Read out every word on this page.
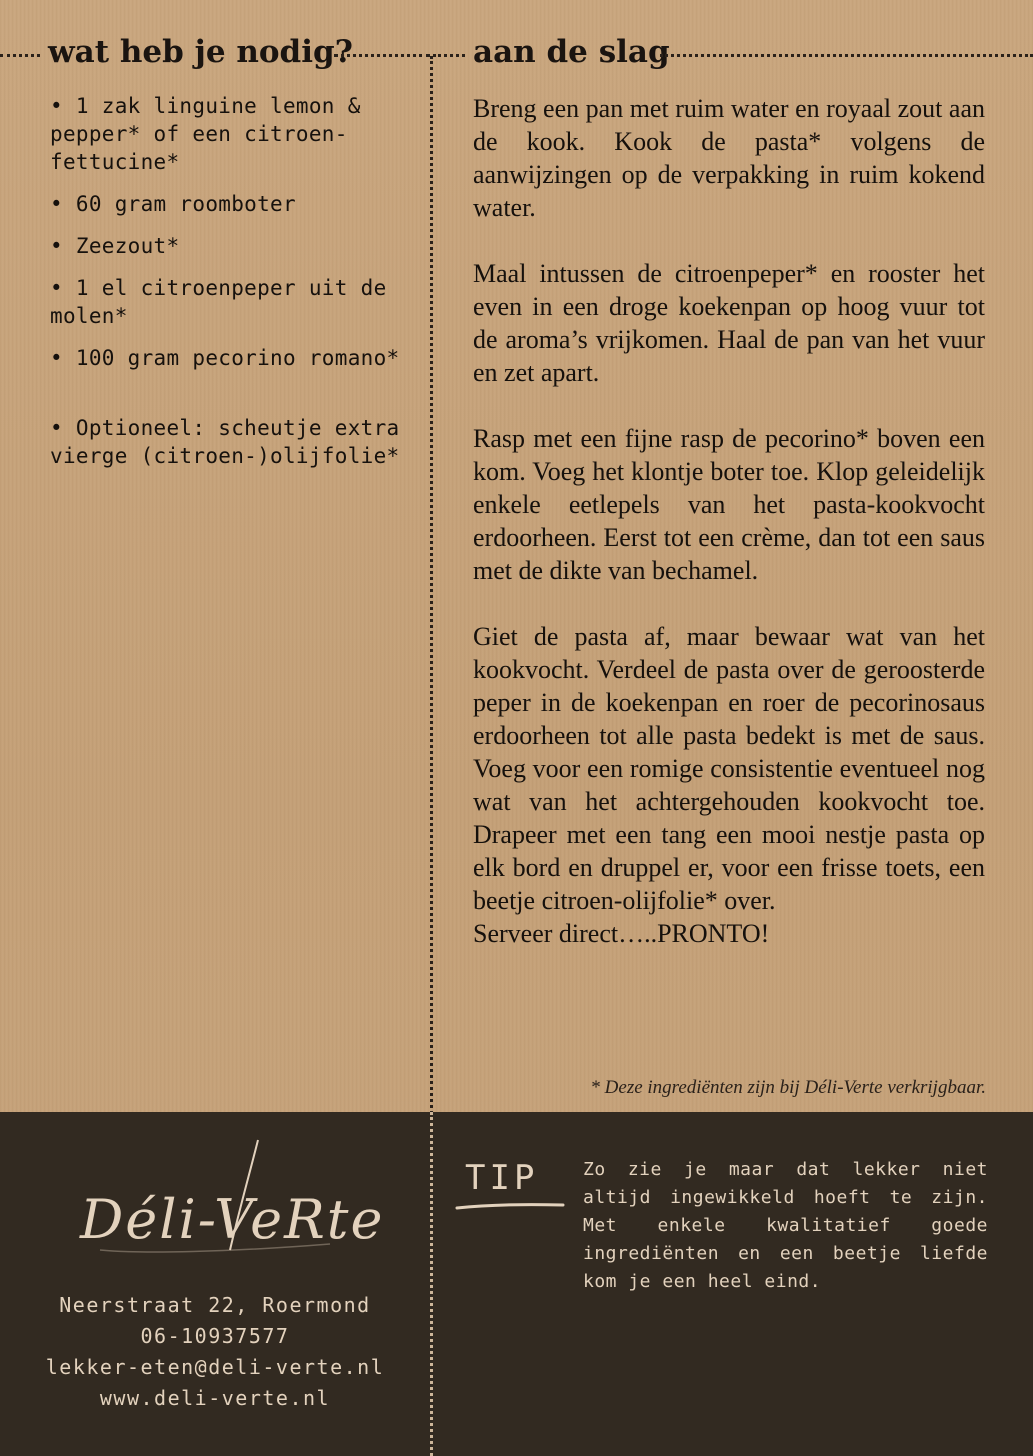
wat heb je nodig?	aan de slag
• 1 zak linguine lemon & pepper* of een citroen-fettucine*
• 60 gram roomboter
• Zeezout*
• 1 el citroenpeper uit de molen*
• 100 gram pecorino romano*
• Optioneel: scheutje extra vierge (citroen-)olijfolie*

Breng een pan met ruim water en royaal zout aan de kook. Kook de pasta* volgens de aanwijzingen op de verpakking in ruim kokend water.

Maal intussen de citroenpeper* en rooster het even in een droge koekenpan op hoog vuur tot de aroma’s vrijkomen. Haal de pan van het vuur en zet apart.

Rasp met een fijne rasp de pecorino* boven een kom. Voeg het klontje boter toe. Klop geleidelijk enkele eetlepels van het pasta-kookvocht erdoorheen. Eerst tot een crème, dan tot een saus met de dikte van bechamel.

Giet de pasta af, maar bewaar wat van het kookvocht. Verdeel de pasta over de geroosterde peper in de koekenpan en roer de pecorinosaus erdoorheen tot alle pasta bedekt is met de saus. Voeg voor een romige consistentie eventueel nog wat van het achtergehouden kookvocht toe. Drapeer met een tang een mooi nestje pasta op elk bord en druppel er, voor een frisse toets, een beetje citroen-olijfolie* over.

Serveer direct…..PRONTO!

* Deze ingrediënten zijn bij Déli-Verte verkrijgbaar.
Déli-VeRte
Neerstraat 22, Roermond
06-10937577
lekker-eten@deli-verte.nl
www.deli-verte.nl
TIP Zo zie je maar dat lekker niet altijd ingewikkeld hoeft te zijn. Met enkele kwalitatief goede ingrediënten en een beetje liefde kom je een heel eind.
